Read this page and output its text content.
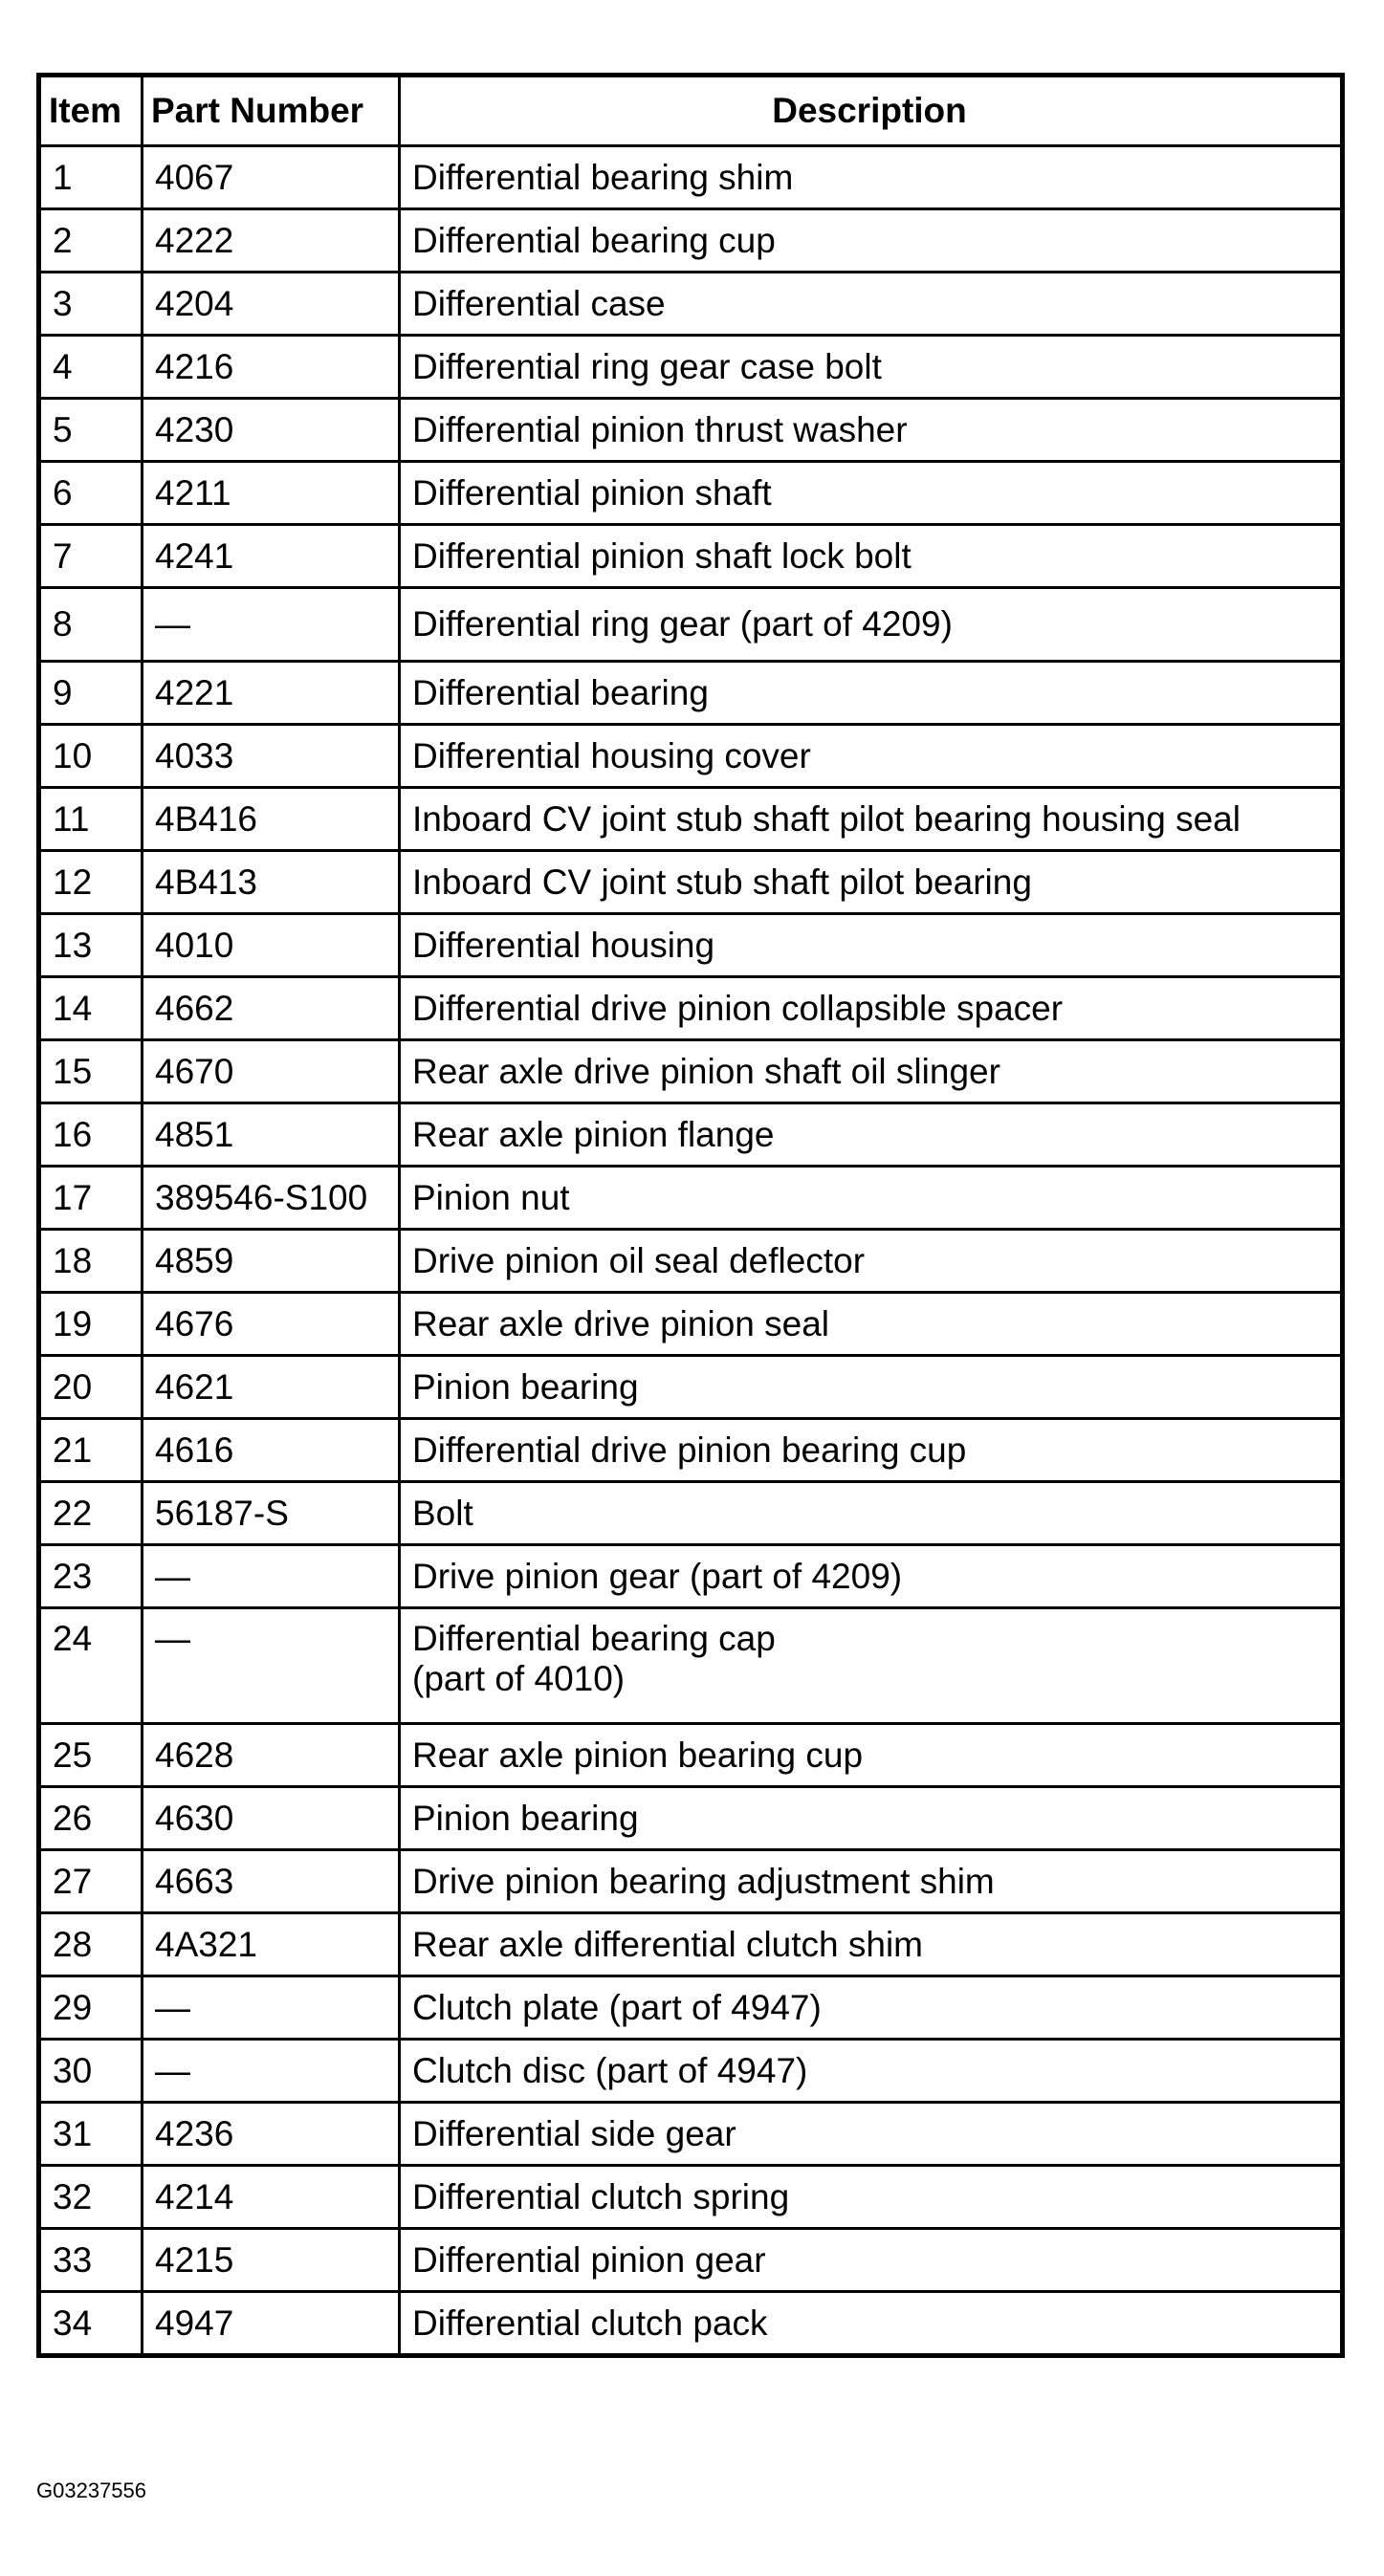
Item	Part Number	Description
1	4067	Differential bearing shim
2	4222	Differential bearing cup
3	4204	Differential case
4	4216	Differential ring gear case bolt
5	4230	Differential pinion thrust washer
6	4211	Differential pinion shaft
7	4241	Differential pinion shaft lock bolt
8	—	Differential ring gear (part of 4209)
9	4221	Differential bearing
10	4033	Differential housing cover
11	4B416	Inboard CV joint stub shaft pilot bearing housing seal
12	4B413	Inboard CV joint stub shaft pilot bearing
13	4010	Differential housing
14	4662	Differential drive pinion collapsible spacer
15	4670	Rear axle drive pinion shaft oil slinger
16	4851	Rear axle pinion flange
17	389546-S100	Pinion nut
18	4859	Drive pinion oil seal deflector
19	4676	Rear axle drive pinion seal
20	4621	Pinion bearing
21	4616	Differential drive pinion bearing cup
22	56187-S	Bolt
23	—	Drive pinion gear (part of 4209)
24	—	Differential bearing cap
(part of 4010)
25	4628	Rear axle pinion bearing cup
26	4630	Pinion bearing
27	4663	Drive pinion bearing adjustment shim
28	4A321	Rear axle differential clutch shim
29	—	Clutch plate (part of 4947)
30	—	Clutch disc (part of 4947)
31	4236	Differential side gear
32	4214	Differential clutch spring
33	4215	Differential pinion gear
34	4947	Differential clutch pack
G03237556
